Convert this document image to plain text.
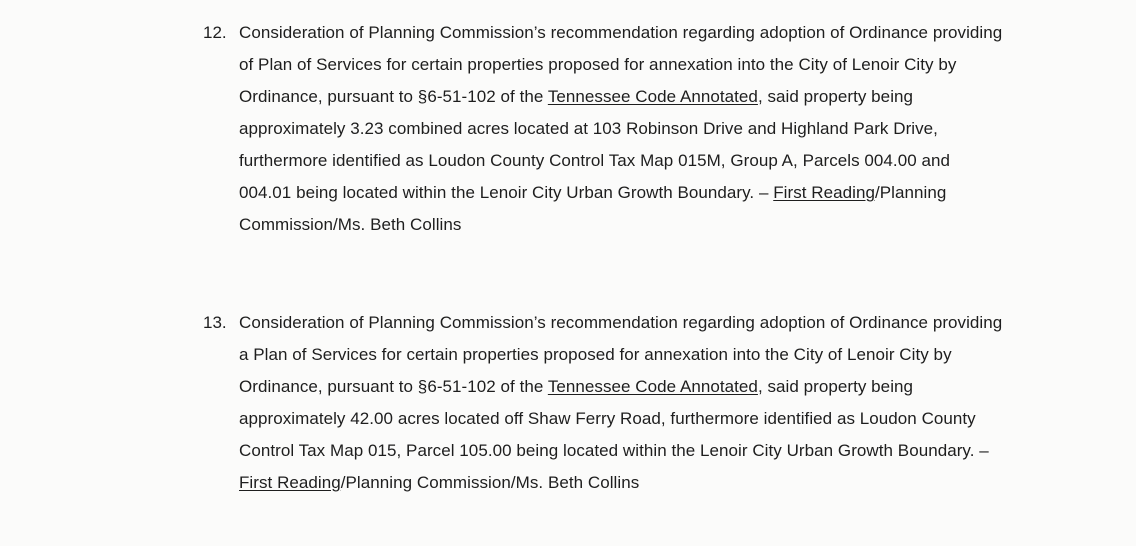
12. Consideration of Planning Commission’s recommendation regarding adoption of Ordinance providing of Plan of Services for certain properties proposed for annexation into the City of Lenoir City by Ordinance, pursuant to §6-51-102 of the Tennessee Code Annotated, said property being approximately 3.23 combined acres located at 103 Robinson Drive and Highland Park Drive, furthermore identified as Loudon County Control Tax Map 015M, Group A, Parcels 004.00 and 004.01 being located within the Lenoir City Urban Growth Boundary. – First Reading/Planning Commission/Ms. Beth Collins
13. Consideration of Planning Commission’s recommendation regarding adoption of Ordinance providing a Plan of Services for certain properties proposed for annexation into the City of Lenoir City by Ordinance, pursuant to §6-51-102 of the Tennessee Code Annotated, said property being approximately 42.00 acres located off Shaw Ferry Road, furthermore identified as Loudon County Control Tax Map 015, Parcel 105.00 being located within the Lenoir City Urban Growth Boundary. – First Reading/Planning Commission/Ms. Beth Collins
